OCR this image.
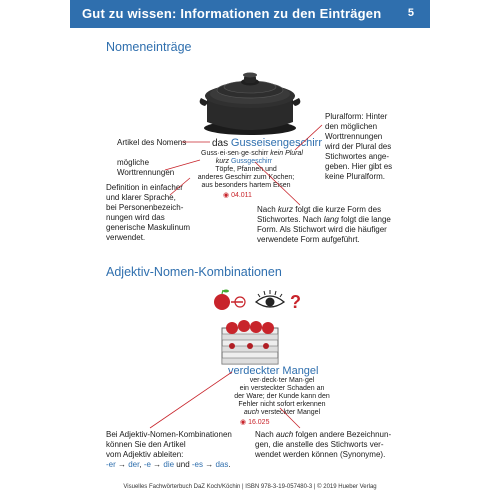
Gut zu wissen: Informationen zu den Einträgen 5
Nomeneinträge
das Gusseisengeschirr
Guss·ei·sen·ge·schirr kein Plural
kurz Gussgeschirr
Töpfe, Pfannen und
anderes Geschirr zum Kochen;
aus besonders hartem Eisen
◉ 04.011
Artikel des Nomens
mögliche
Worttrennungen
Definition in einfacher
und klarer Sprache,
bei Personenbezeich-
nungen wird das
generische Maskulinum
verwendet.
Pluralform: Hinter
den möglichen
Worttrennungen
wird der Plural des
Stichwortes ange-
geben. Hier gibt es
keine Pluralform.
Nach kurz folgt die kurze Form des
Stichwortes. Nach lang folgt die lange
Form. Als Stichwort wird die häufiger
verwendete Form aufgeführt.
Adjektiv-Nomen-Kombinationen
?
verdeckter Mangel
ver·deck·ter Man·gel
ein versteckter Schaden an
der Ware; der Kunde kann den
Fehler nicht sofort erkennen
auch versteckter Mangel
◉ 16.025
Bei Adjektiv-Nomen-Kombinationen
können Sie den Artikel
vom Adjektiv ableiten:
-er → der, -e → die und -es → das.
Nach auch folgen andere Bezeichnun-
gen, die anstelle des Stichworts ver-
wendet werden können (Synonyme).
Visuelles Fachwörterbuch DaZ Koch/Köchin | ISBN 978-3-19-057480-3 | © 2019 Hueber Verlag
